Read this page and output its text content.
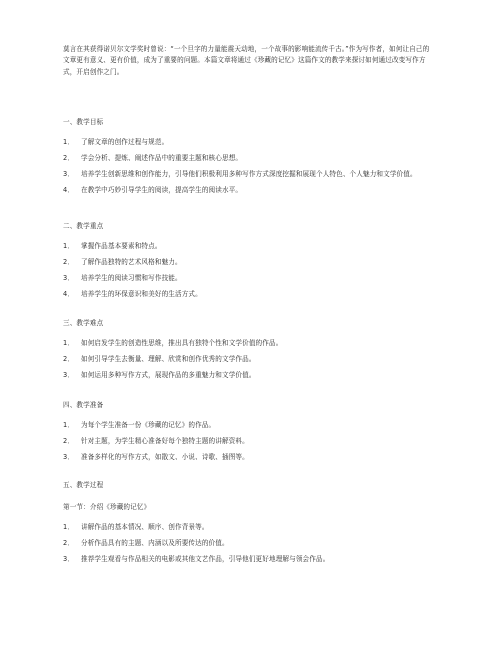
莫言在其获得诺贝尔文学奖时曾说：“一个旦字的力量能震天动地，一个故事的影响能流传千古。”作为写作者，如何让自己的文章更有意义、更有价值，成为了重要的问题。本篇文章将通过《珍藏的记忆》这篇作文的教学来探讨如何通过改变写作方式，开启创作之门。

一、教学目标

1． 了解文章的创作过程与规范。
2． 学会分析、提炼、阐述作品中的重要主题和核心思想。
3． 培养学生创新思维和创作能力，引导他们积极利用多种写作方式深度挖掘和展现个人特色、个人魅力和文学价值。
4． 在教学中巧妙引导学生的阅读，提高学生的阅读水平。

二、教学重点

1． 掌握作品基本要素和特点。
2． 了解作品独特的艺术风格和魅力。
3． 培养学生的阅读习惯和写作技能。
4． 培养学生的环保意识和美好的生活方式。

三、教学难点

1． 如何启发学生的创造性思维，推出具有独特个性和文学价值的作品。
2． 如何引导学生去衡量、理解、欣赏和创作优秀的文学作品。
3． 如何运用多种写作方式，展现作品的多重魅力和文学价值。

四、教学准备

1． 为每个学生准备一份《珍藏的记忆》的作品。
2． 针对主题，为学生精心准备好每个独特主题的讲解资料。
3． 准备多样化的写作方式，如散文、小说、诗歌、插图等。

五、教学过程

第一节：介绍《珍藏的记忆》

1． 讲解作品的基本情况、顺序、创作背景等。
2． 分析作品具有的主题、内涵以及所要传达的价值。
3． 推荐学生观看与作品相关的电影或其他文艺作品，引导他们更好地理解与领会作品。
